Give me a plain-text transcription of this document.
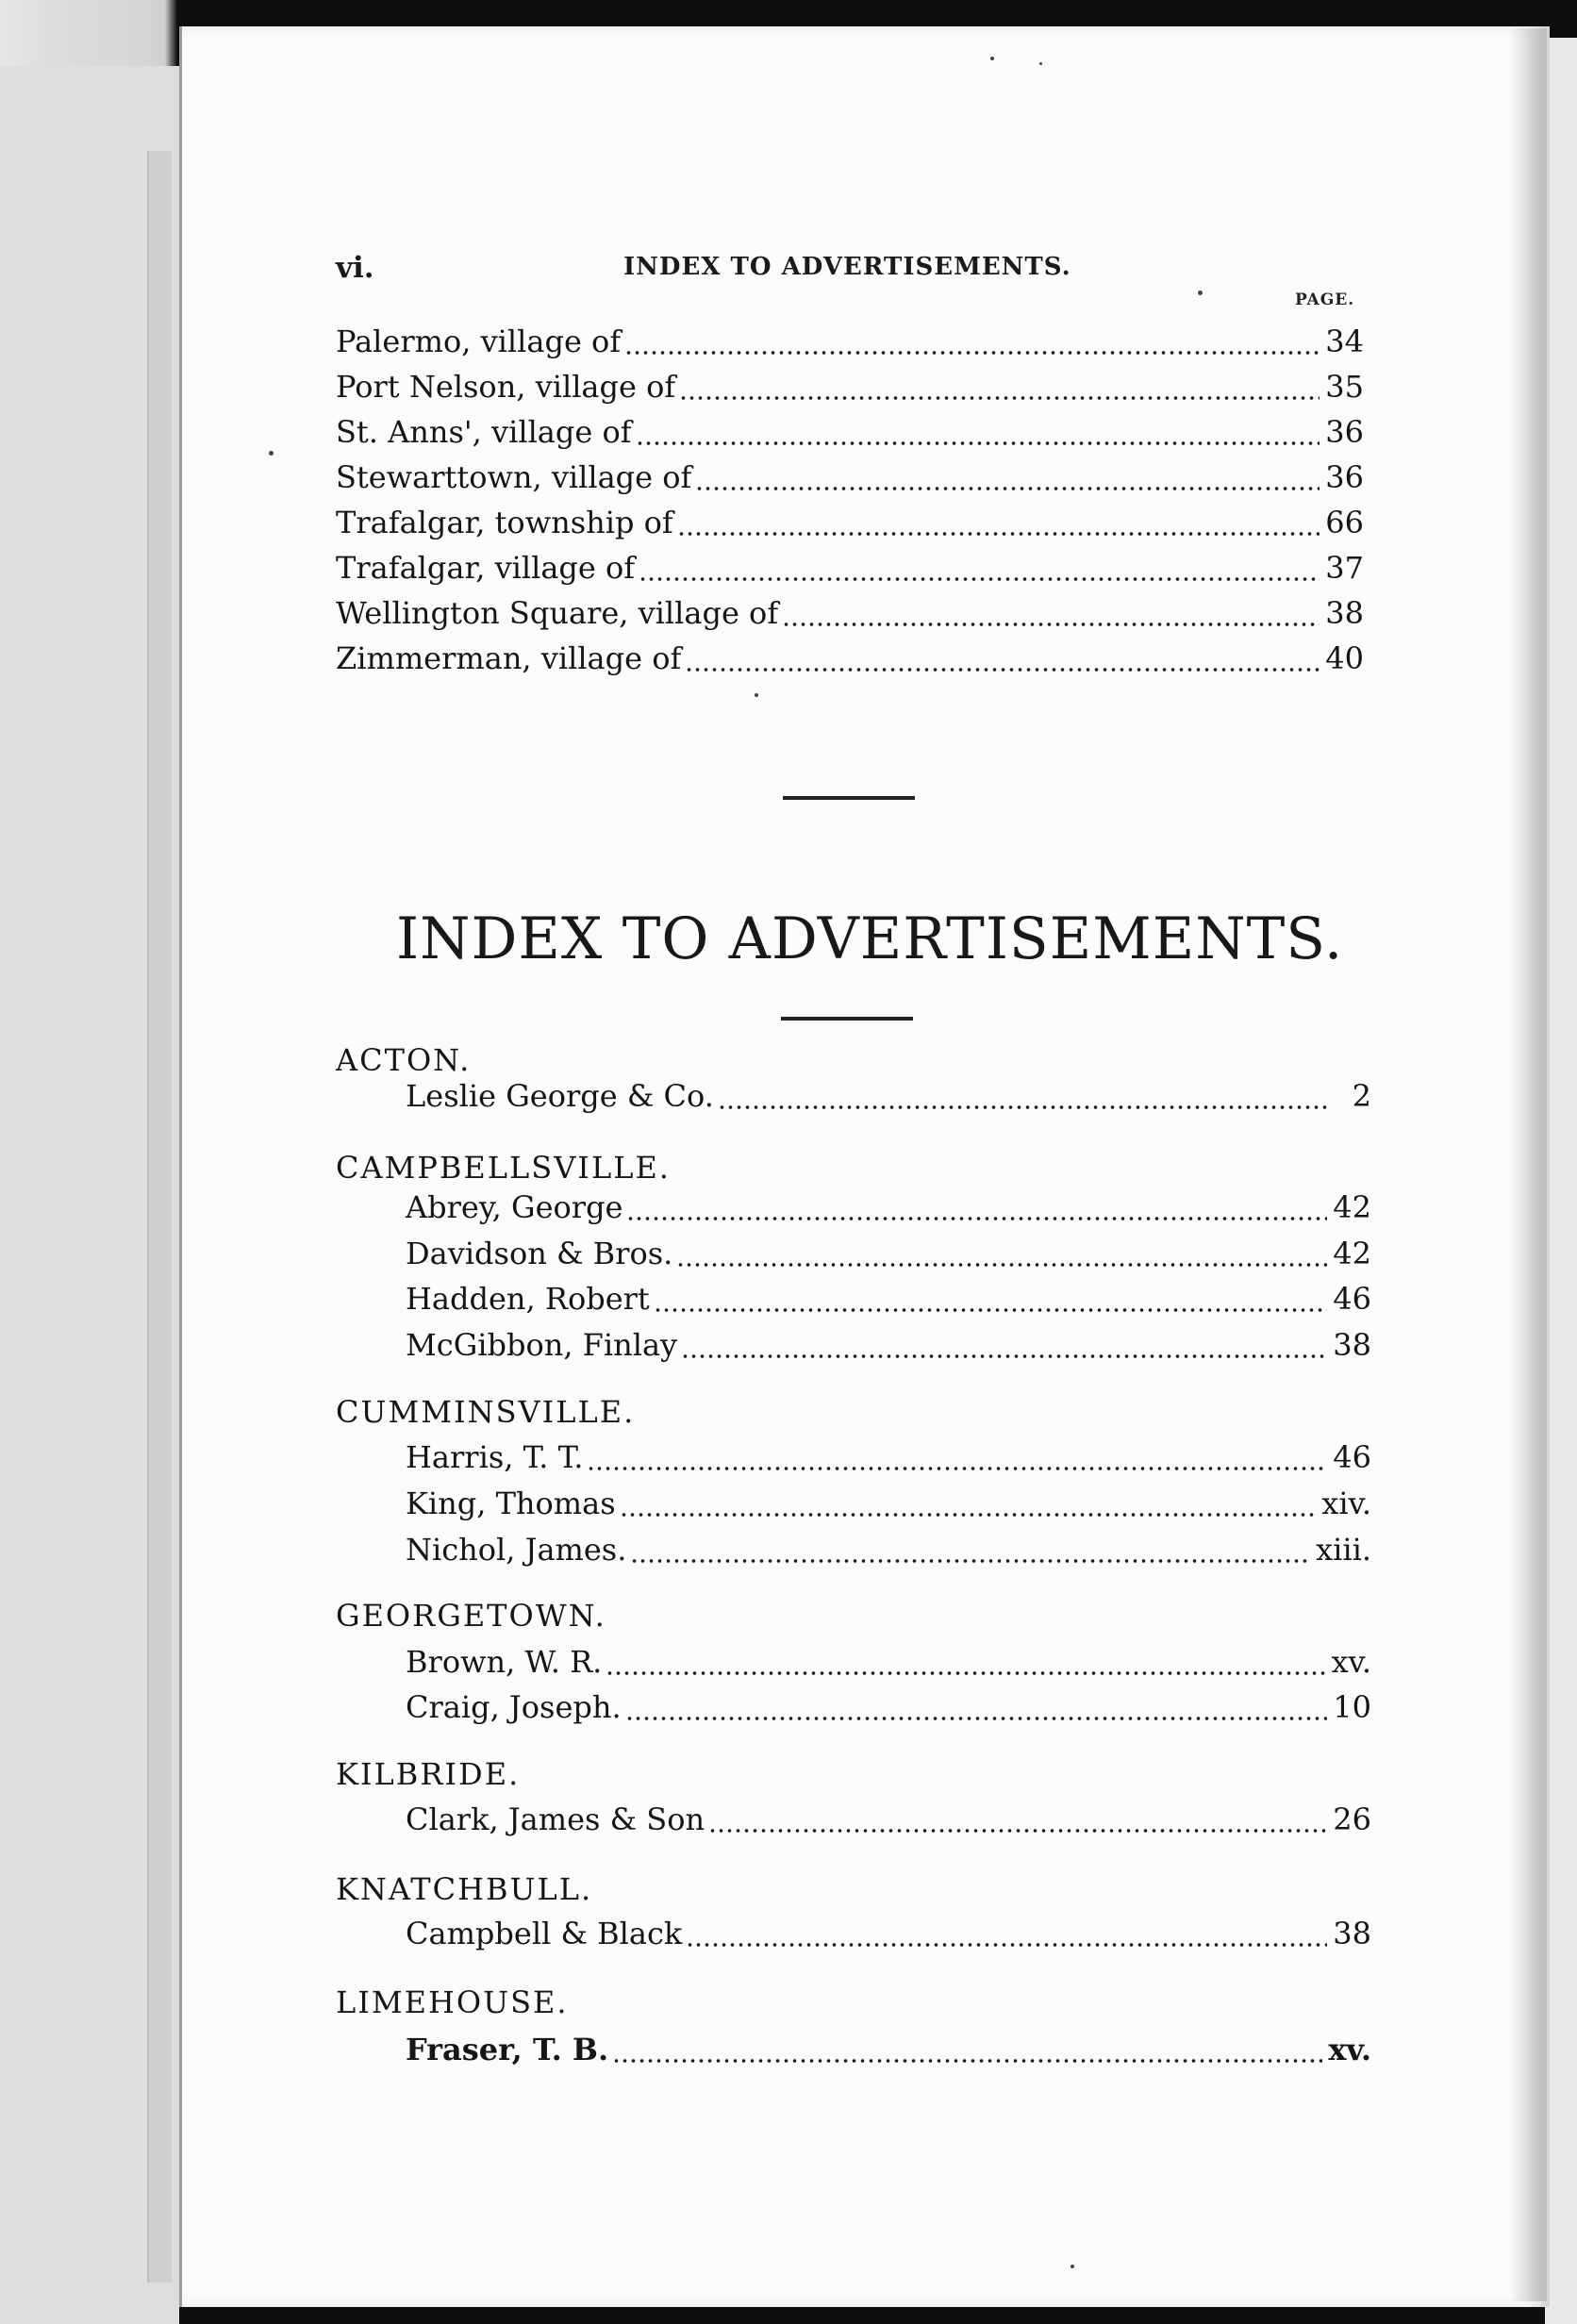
vi.	INDEX TO ADVERTISEMENTS.
PAGE.
Palermo, village of	34
Port Nelson, village of	35
St. Anns', village of	36
Stewarttown, village of	36
Trafalgar, township of	66
Trafalgar, village of	37
Wellington Square, village of	38
Zimmerman, village of	40
INDEX TO ADVERTISEMENTS.
ACTON.
Leslie George & Co.	2
CAMPBELLSVILLE.
Abrey, George	42
Davidson & Bros.	42
Hadden, Robert	46
McGibbon, Finlay	38
CUMMINSVILLE.
Harris, T. T.	46
King, Thomas	xiv.
Nichol, James.	xiii.
GEORGETOWN.
Brown, W. R.	xv.
Craig, Joseph.	10
KILBRIDE.
Clark, James & Son	26
KNATCHBULL.
Campbell & Black	38
LIMEHOUSE.
Fraser, T. B.	xv.
